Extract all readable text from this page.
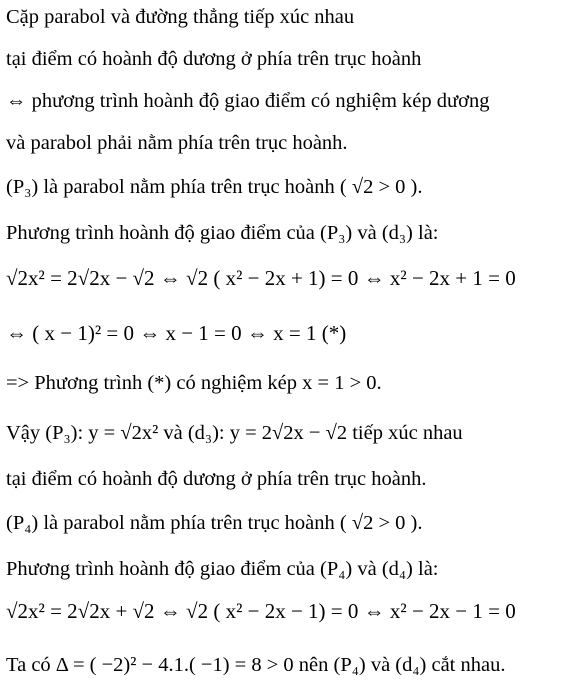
Cặp parabol và đường thẳng tiếp xúc nhau
tại điểm có hoành độ dương ở phía trên trục hoành
⇔ phương trình hoành độ giao điểm có nghiệm kép dương
và parabol phải nằm phía trên trục hoành.
(P₃) là parabol nằm phía trên trục hoành ( √2 > 0 ).
Phương trình hoành độ giao điểm của (P₃) và (d₃) là:
√2x² = 2√2x − √2 ⇔ √2 ( x² − 2x + 1) = 0 ⇔ x² − 2x + 1 = 0
⇔ ( x − 1)² = 0 ⇔ x − 1 = 0 ⇔ x = 1 (*)
=> Phương trình (*) có nghiệm kép x = 1 > 0.
Vậy (P₃): y = √2x² và (d₃): y = 2√2x − √2 tiếp xúc nhau
tại điểm có hoành độ dương ở phía trên trục hoành.
(P₄) là parabol nằm phía trên trục hoành ( √2 > 0 ).
Phương trình hoành độ giao điểm của (P₄) và (d₄) là:
√2x² = 2√2x + √2 ⇔ √2 ( x² − 2x − 1) = 0 ⇔ x² − 2x − 1 = 0
Ta có Δ = ( −2)² − 4.1.( −1) = 8 > 0 nên (P₄) và (d₄) cắt nhau.
